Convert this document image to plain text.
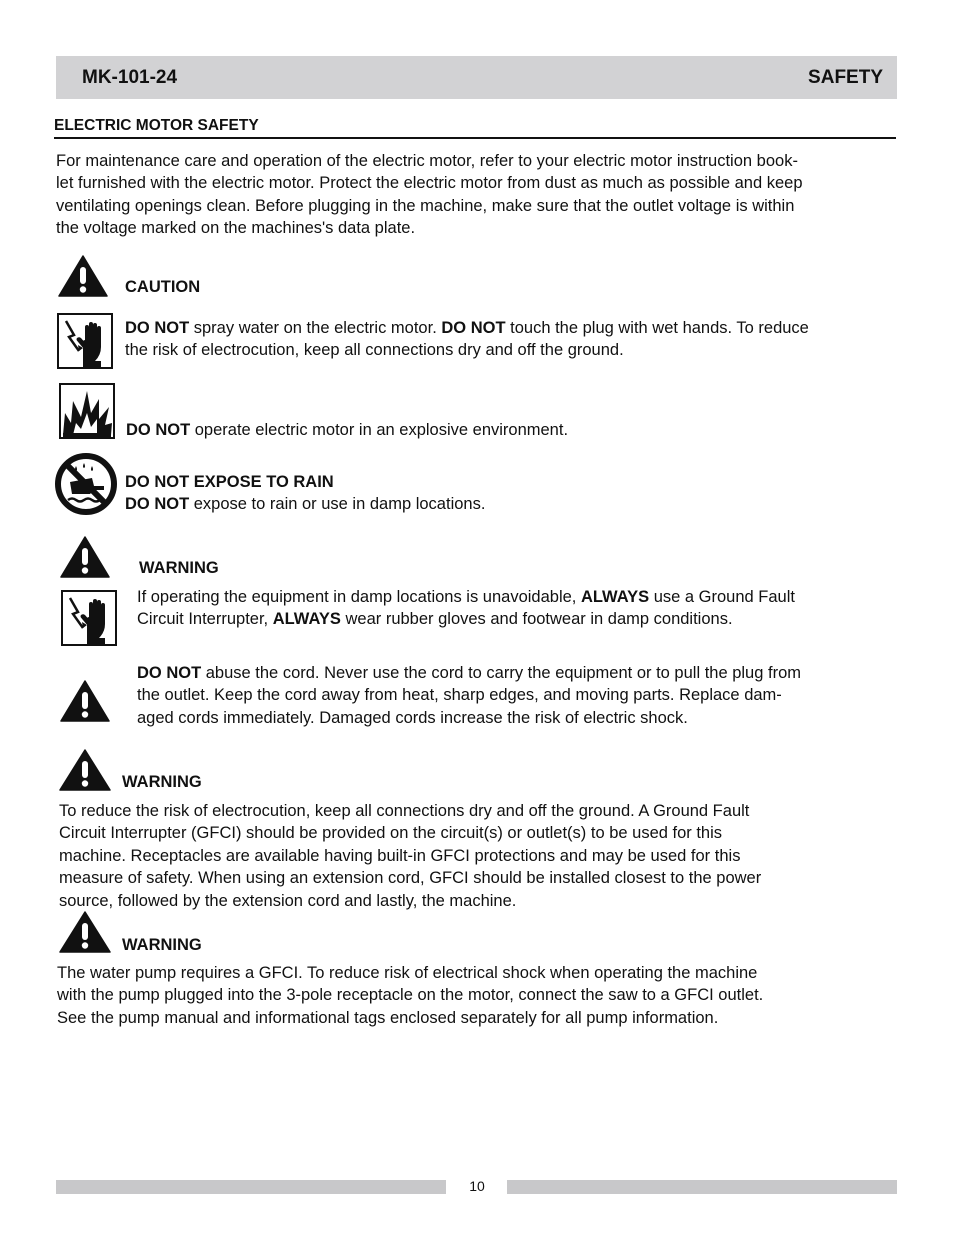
MK-101-24	SAFETY
ELECTRIC MOTOR SAFETY
For maintenance care and operation of the electric motor, refer to your electric motor instruction book-
let furnished with the electric motor. Protect the electric motor from dust as much as possible and keep
ventilating openings clean. Before plugging in the machine, make sure that the outlet voltage is within
the voltage marked on the machines's data plate.
CAUTION
DO NOT spray water on the electric motor. DO NOT touch the plug with wet hands. To reduce
the risk of electrocution, keep all connections dry and off the ground.
DO NOT operate electric motor in an explosive environment.
DO NOT EXPOSE TO RAIN
DO NOT expose to rain or use in damp locations.
WARNING
If operating the equipment in damp locations is unavoidable, ALWAYS use a Ground Fault
Circuit Interrupter, ALWAYS wear rubber gloves and footwear in damp conditions.
DO NOT abuse the cord. Never use the cord to carry the equipment or to pull the plug from
the outlet. Keep the cord away from heat, sharp edges, and moving parts. Replace dam-
aged cords immediately. Damaged cords increase the risk of electric shock.
WARNING
To reduce the risk of electrocution, keep all connections dry and off the ground. A Ground Fault
Circuit Interrupter (GFCI) should be provided on the circuit(s) or outlet(s) to be used for this
machine. Receptacles are available having built-in GFCI protections and may be used for this
measure of safety. When using an extension cord, GFCI should be installed closest to the power
source, followed by the extension cord and lastly, the machine.
WARNING
The water pump requires a GFCI. To reduce risk of electrical shock when operating the machine
with the pump plugged into the 3-pole receptacle on the motor, connect the saw to a GFCI outlet.
See the pump manual and informational tags enclosed separately for all pump information.
10
